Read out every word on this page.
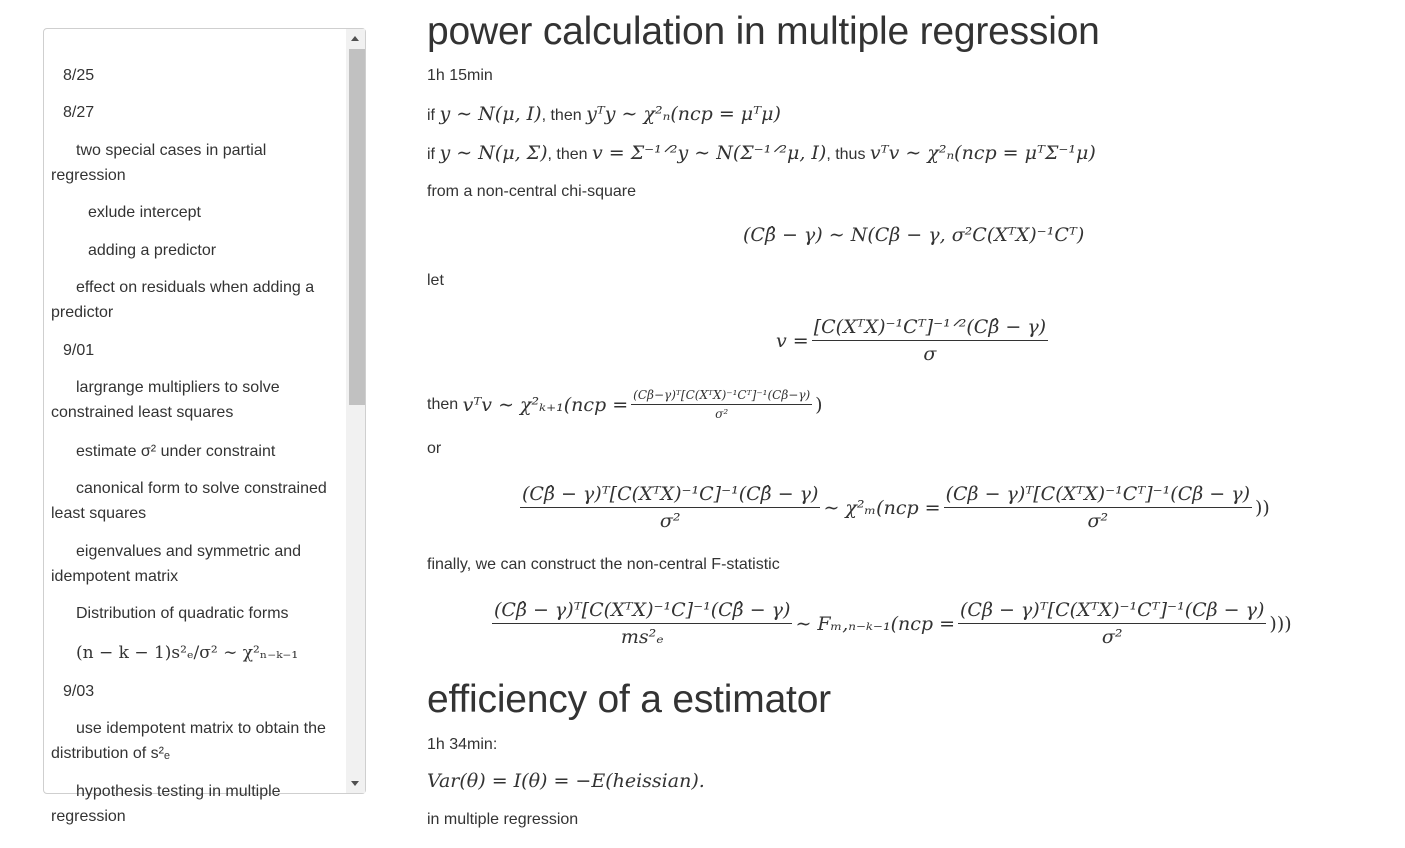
8/25
8/27
two special cases in partial regression
exlude intercept
adding a predictor
effect on residuals when adding a predictor
9/01
largrange multipliers to solve constrained least squares
estimate σ² under constraint
canonical form to solve constrained least squares
eigenvalues and symmetric and idempotent matrix
Distribution of quadratic forms
(n − k − 1)s²ₑ/σ² ∼ χ²ₙ₋ₖ₋₁
9/03
use idempotent matrix to obtain the distribution of s²ₑ
hypothesis testing in multiple regression
power calculation in multiple regression
1h 15min
if y ∼ N(μ, I), then yᵀy ∼ χ²ₙ(ncp = μᵀμ)
if y ∼ N(μ, Σ), then v = Σ⁻¹ᐟ²y ∼ N(Σ⁻¹ᐟ²μ, I), thus vᵀv ∼ χ²ₙ(ncp = μᵀΣ⁻¹μ)
from a non-central chi-square
(Cβ̂ − γ) ∼ N(Cβ − γ, σ²C(XᵀX)⁻¹Cᵀ)
let
$v = \frac{\text{[C(XᵀX)⁻¹Cᵀ]⁻¹ᐟ²(Cβ̂ − γ)}}{\sigma}$
then
vᵀv ∼ $\chi^2_{k+1}(ncp = \frac{\text{(Cβ−γ)ᵀ[C(XᵀX)⁻¹Cᵀ]⁻¹(Cβ−γ)}}{\text{σ²}}$ )
or
$\frac{\text{(Cβ̂ − γ)ᵀ[C(XᵀX)⁻¹C]⁻¹(Cβ̂ − γ)}}{\text{σ²}}$ ∼ $\chi^2_m(ncp = \frac{\text{(Cβ − γ)ᵀ[C(XᵀX)⁻¹Cᵀ]⁻¹(Cβ − γ)}}{\text{σ²}}$ ))
finally, we can construct the non-central F-statistic
$\frac{\text{(Cβ̂ − γ)ᵀ[C(XᵀX)⁻¹C]⁻¹(Cβ̂ − γ)}}{\text{ms²ₑ}}$ ∼ $F_m,_{n-k-1}(ncp = \frac{\text{(Cβ − γ)ᵀ[C(XᵀX)⁻¹Cᵀ]⁻¹(Cβ − γ)}}{\text{σ²}}$ )))
efficiency of a estimator
1h 34min:
Var(θ) = I(θ) = −E(heissian).
in multiple regression
